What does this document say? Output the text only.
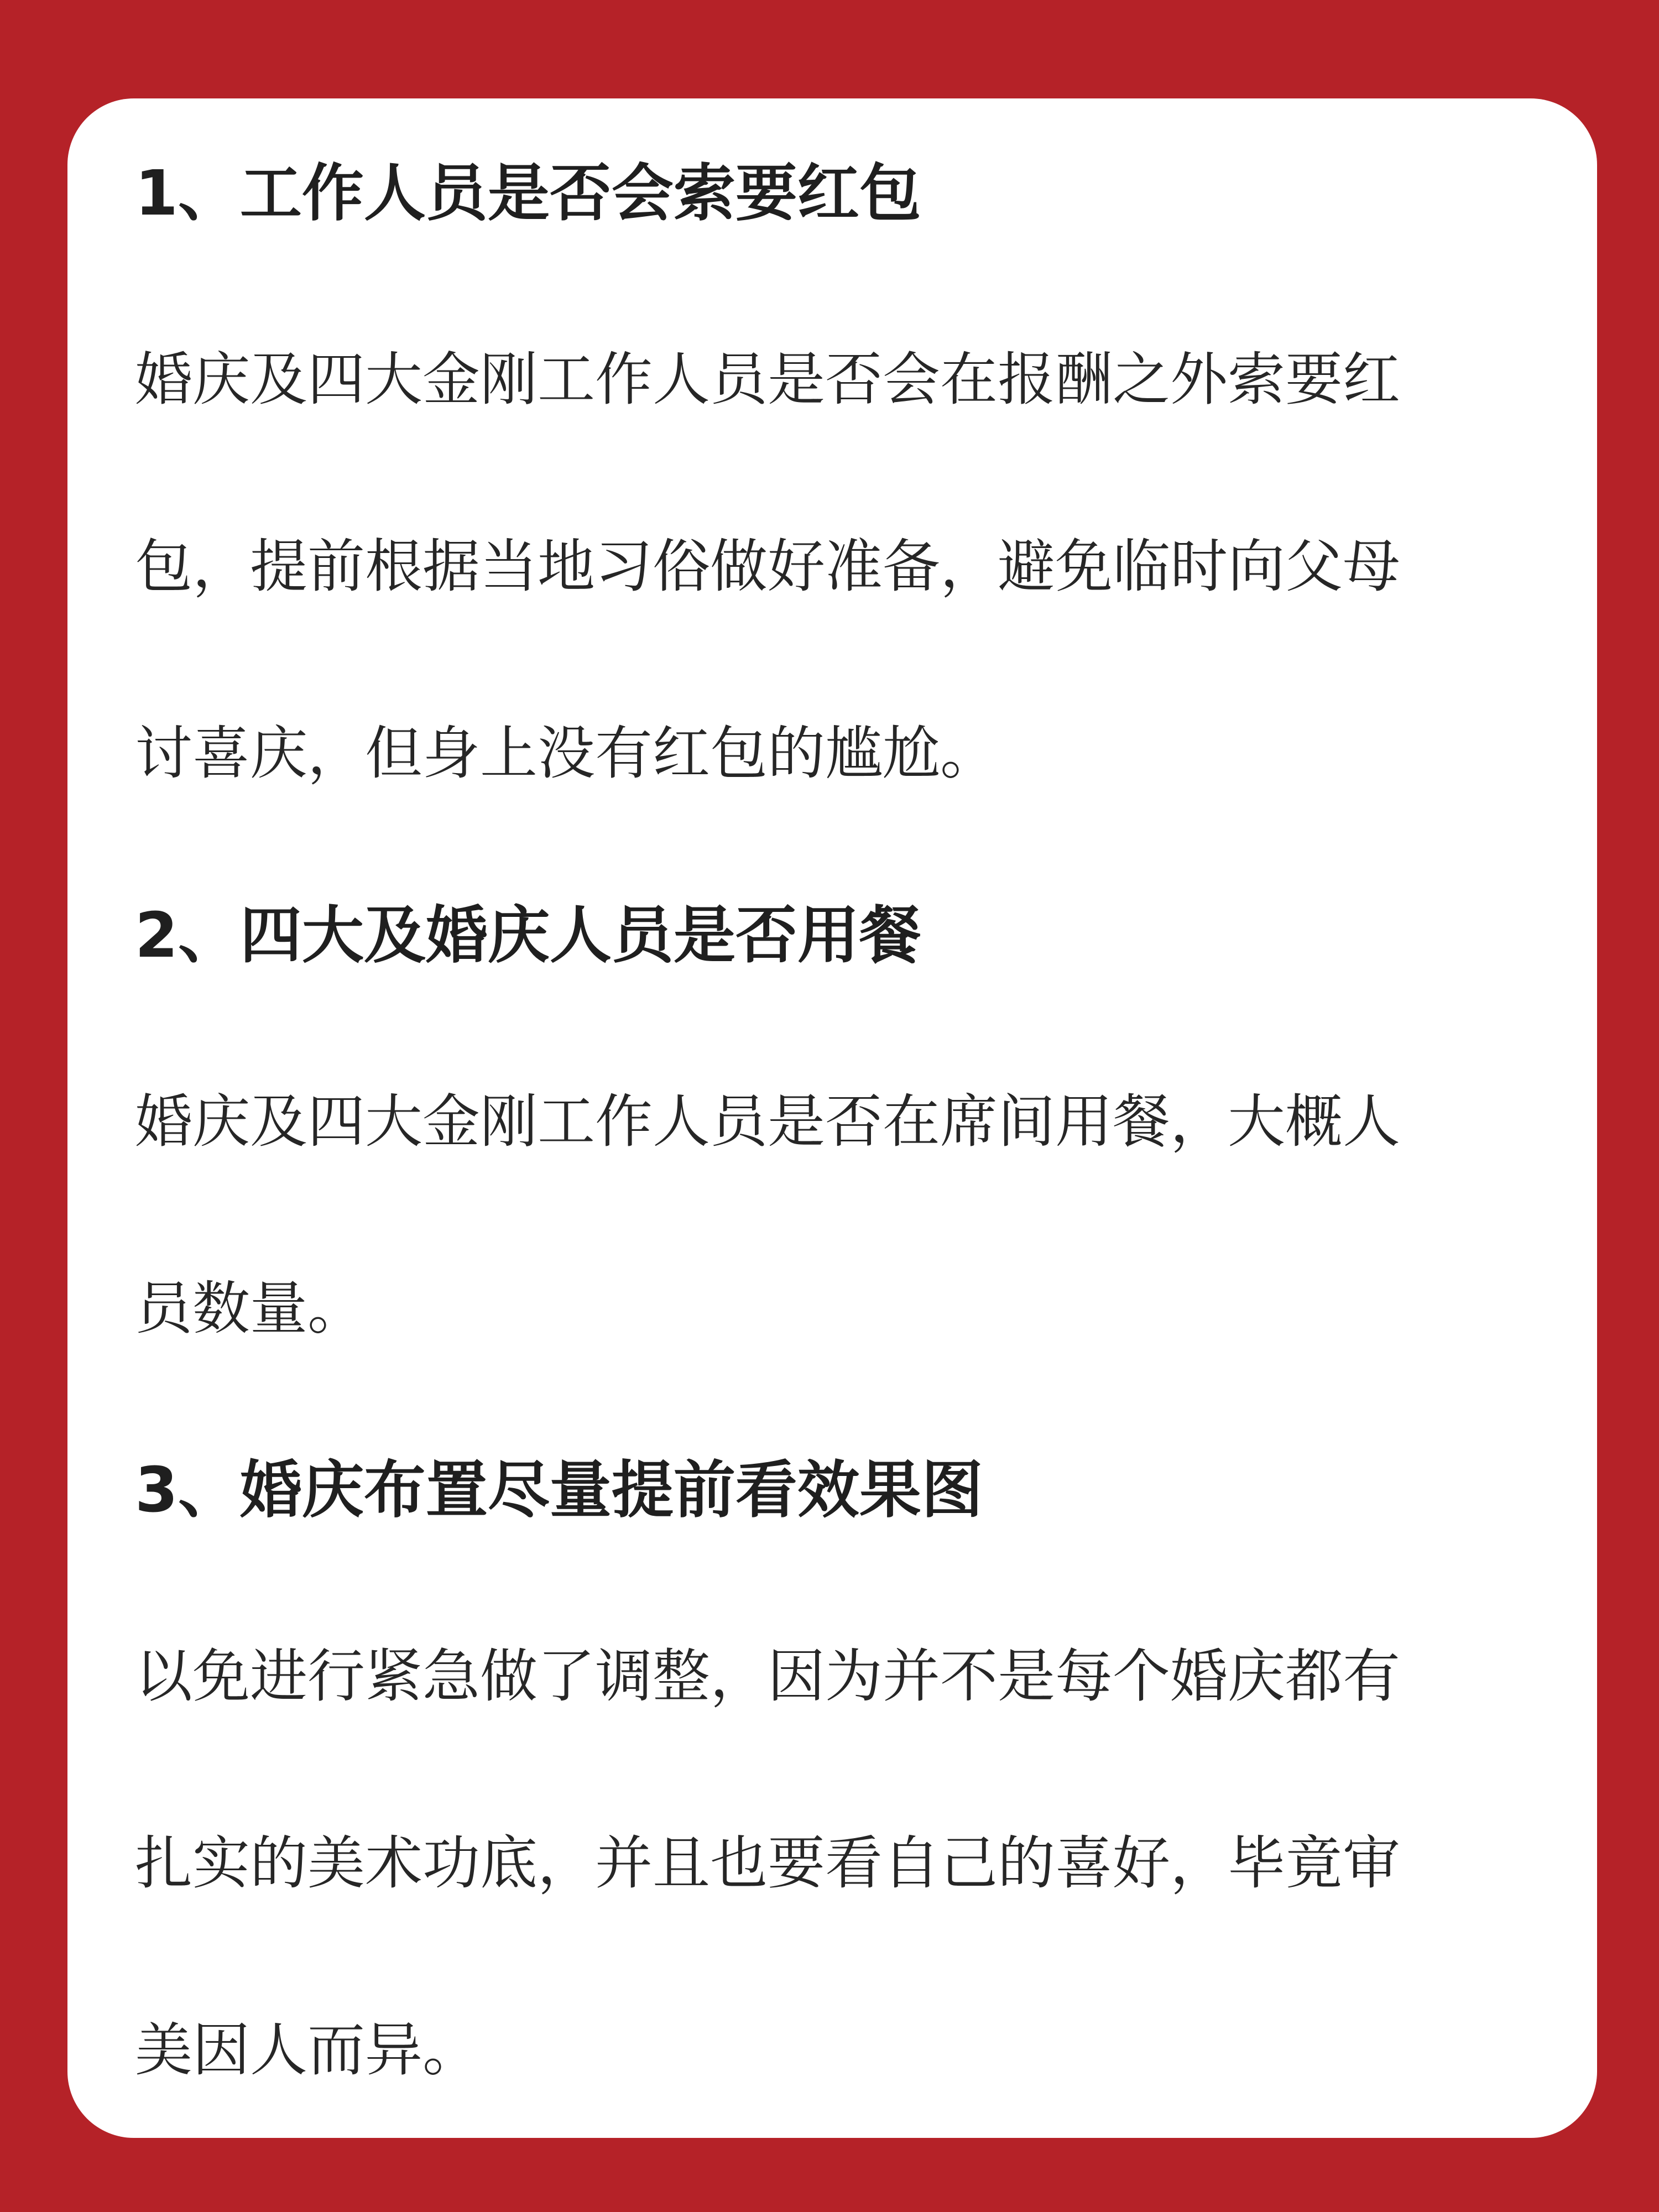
1、工作人员是否会索要红包

婚庆及四大金刚工作人员是否会在报酬之外索要红
包，提前根据当地习俗做好准备，避免临时向父母
讨喜庆，但身上没有红包的尴尬。

2、四大及婚庆人员是否用餐

婚庆及四大金刚工作人员是否在席间用餐，大概人
员数量。

3、婚庆布置尽量提前看效果图

以免进行紧急做了调整，因为并不是每个婚庆都有
扎实的美术功底，并且也要看自己的喜好，毕竟审
美因人而异。
